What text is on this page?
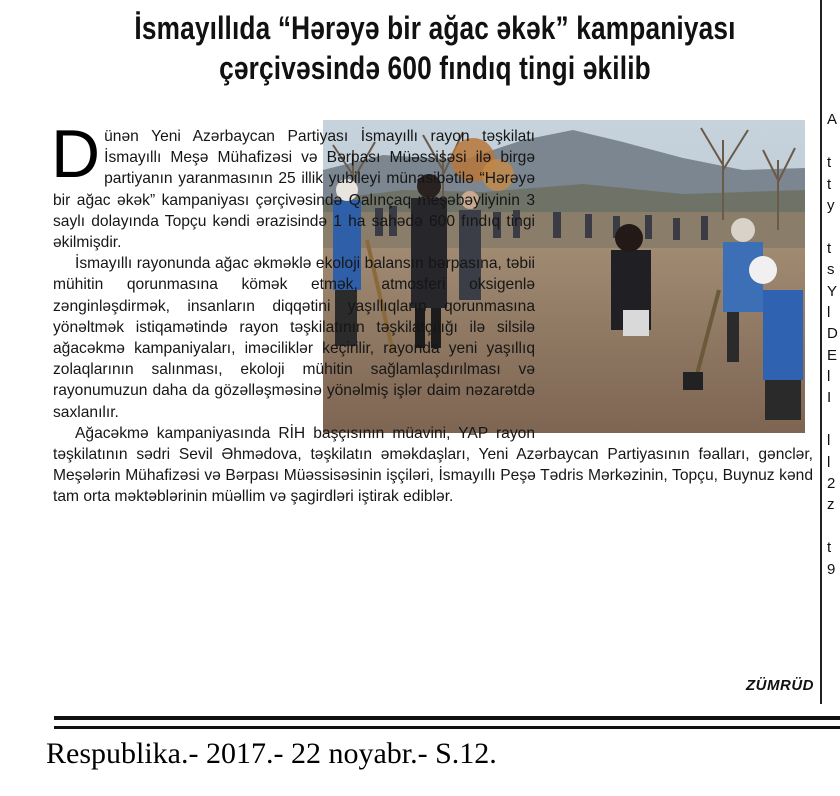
İsmayıllıda “Hərəyə bir ağac əkək” kampaniyası
çərçivəsində 600 fındıq tingi əkilib

Dünən Yeni Azərbaycan Partiyası İsmayıllı rayon təşkilatı İsmayıllı Meşə Mühafizəsi və Bərpası Müəssisəsi ilə birgə partiyanın yaranmasının 25 illik yubileyi münasibətilə “Hərəyə bir ağac əkək” kampaniyası çərçivəsində Qalınçaq meşəbəyliyinin 3 saylı dolayında Topçu kəndi ərazisində 1 ha sahədə 600 fındıq tingi əkilmişdir.

İsmayıllı rayonunda ağac əkməklə ekoloji balansın bərpasına, təbii mühitin qorunmasına kömək etmək, atmosferi oksigenlə zənginləşdirmək, insanların diqqətini yaşıllıqların qorunmasına yönəltmək istiqamətində rayon təşkilatının təşkilatçılığı ilə silsilə ağacəkmə kampaniyaları, iməciliklər keçirilir, rayonda yeni yaşıllıq zolaqlarının salınması, ekoloji mühitin sağlamlaşdırılması və rayonumuzun daha da gözəlləşməsinə yönəlmiş işlər daim nəzarətdə saxlanılır.

Ağacəkmə kampaniyasında RİH başçısının müavini, YAP rayon təşkilatının sədri Sevil Əhmədova, təşkilatın əməkdaşları, Yeni Azərbaycan Partiyasının fəalları, gənclər, Meşələrin Mühafizəsi və Bərpası Müəssisəsinin işçiləri, İsmayıllı Peşə Tədris Mərkəzinin, Topçu, Buynuz kənd tam orta məktəblərinin müəllim və şagirdləri iştirak ediblər.

ZÜMRÜD
A
t
t
y
t
s
Y
l
D
E
l
I
l
l
2
z
t
9
Respublika.- 2017.- 22 noyabr.- S.12.
